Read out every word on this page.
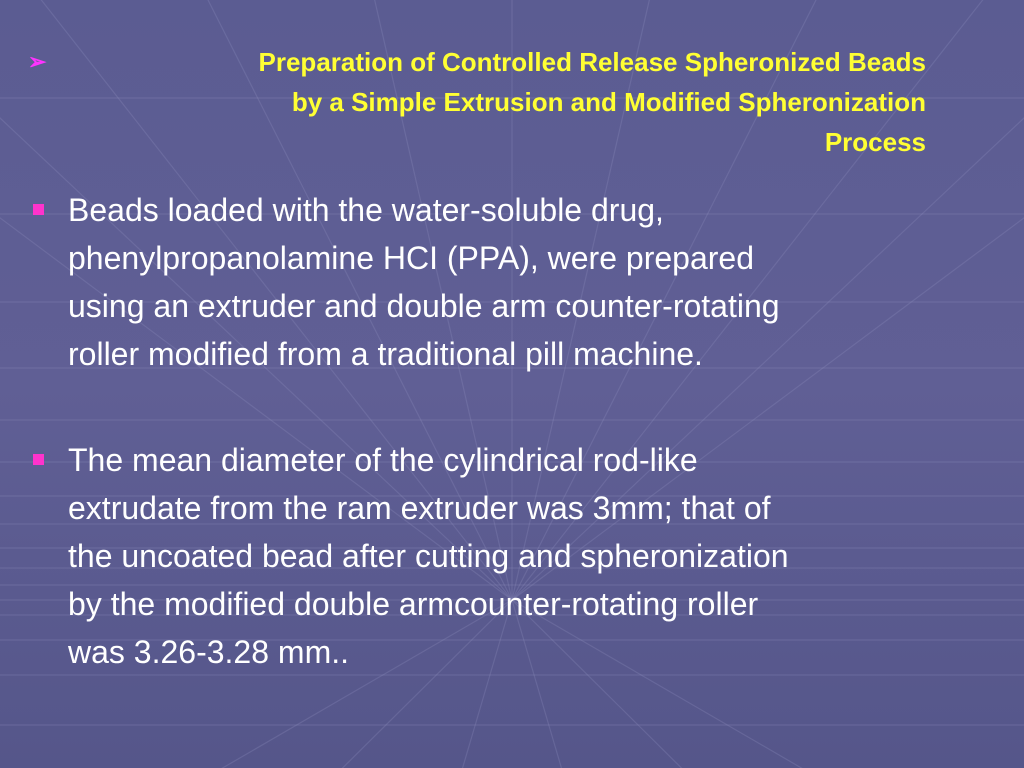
➢	Preparation of Controlled Release Spheronized Beads
by a Simple Extrusion and Modified Spheronization
Process
Beads loaded with the water-soluble drug,
phenylpropanolamine HCI (PPA), were prepared
using an extruder and double arm counter-rotating
roller modified from a traditional pill machine.
The mean diameter of the cylindrical rod-like
extrudate from the ram extruder was 3mm; that of
the uncoated bead after cutting and spheronization
by the modified double armcounter-rotating roller
was 3.26-3.28 mm..
